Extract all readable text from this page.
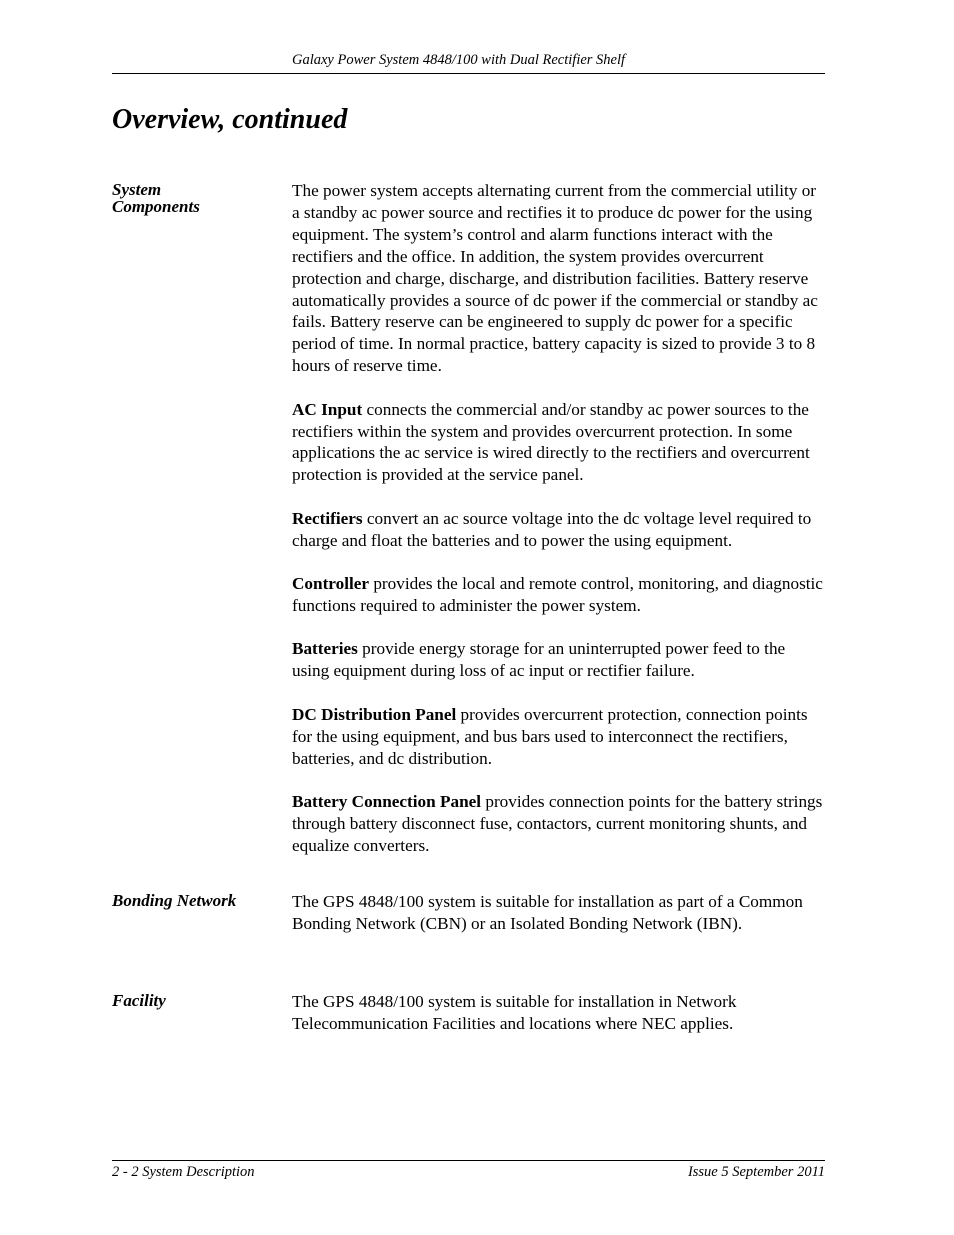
Galaxy Power System 4848/100 with Dual Rectifier Shelf
Overview, continued
System
Components

The power system accepts alternating current from the commercial utility or a standby ac power source and rectifies it to produce dc power for the using equipment. The system’s control and alarm functions interact with the rectifiers and the office. In addition, the system provides overcurrent protection and charge, discharge, and distribution facilities. Battery reserve automatically provides a source of dc power if the commercial or standby ac fails. Battery reserve can be engineered to supply dc power for a specific period of time. In normal practice, battery capacity is sized to provide 3 to 8 hours of reserve time.

AC Input connects the commercial and/or standby ac power sources to the rectifiers within the system and provides overcurrent protection. In some applications the ac service is wired directly to the rectifiers and overcurrent protection is provided at the service panel.

Rectifiers convert an ac source voltage into the dc voltage level required to charge and float the batteries and to power the using equipment.

Controller provides the local and remote control, monitoring, and diagnostic functions required to administer the power system.

Batteries provide energy storage for an uninterrupted power feed to the using equipment during loss of ac input or rectifier failure.

DC Distribution Panel provides overcurrent protection, connection points for the using equipment, and bus bars used to interconnect the rectifiers, batteries, and dc distribution.

Battery Connection Panel provides connection points for the battery strings through battery disconnect fuse, contactors, current monitoring shunts, and equalize converters.

Bonding Network	The GPS 4848/100 system is suitable for installation as part of a Common Bonding Network (CBN) or an Isolated Bonding Network (IBN).

Facility	The GPS 4848/100 system is suitable for installation in Network Telecommunication Facilities and locations where NEC applies.

2 - 2 System Description	Issue 5 September 2011
